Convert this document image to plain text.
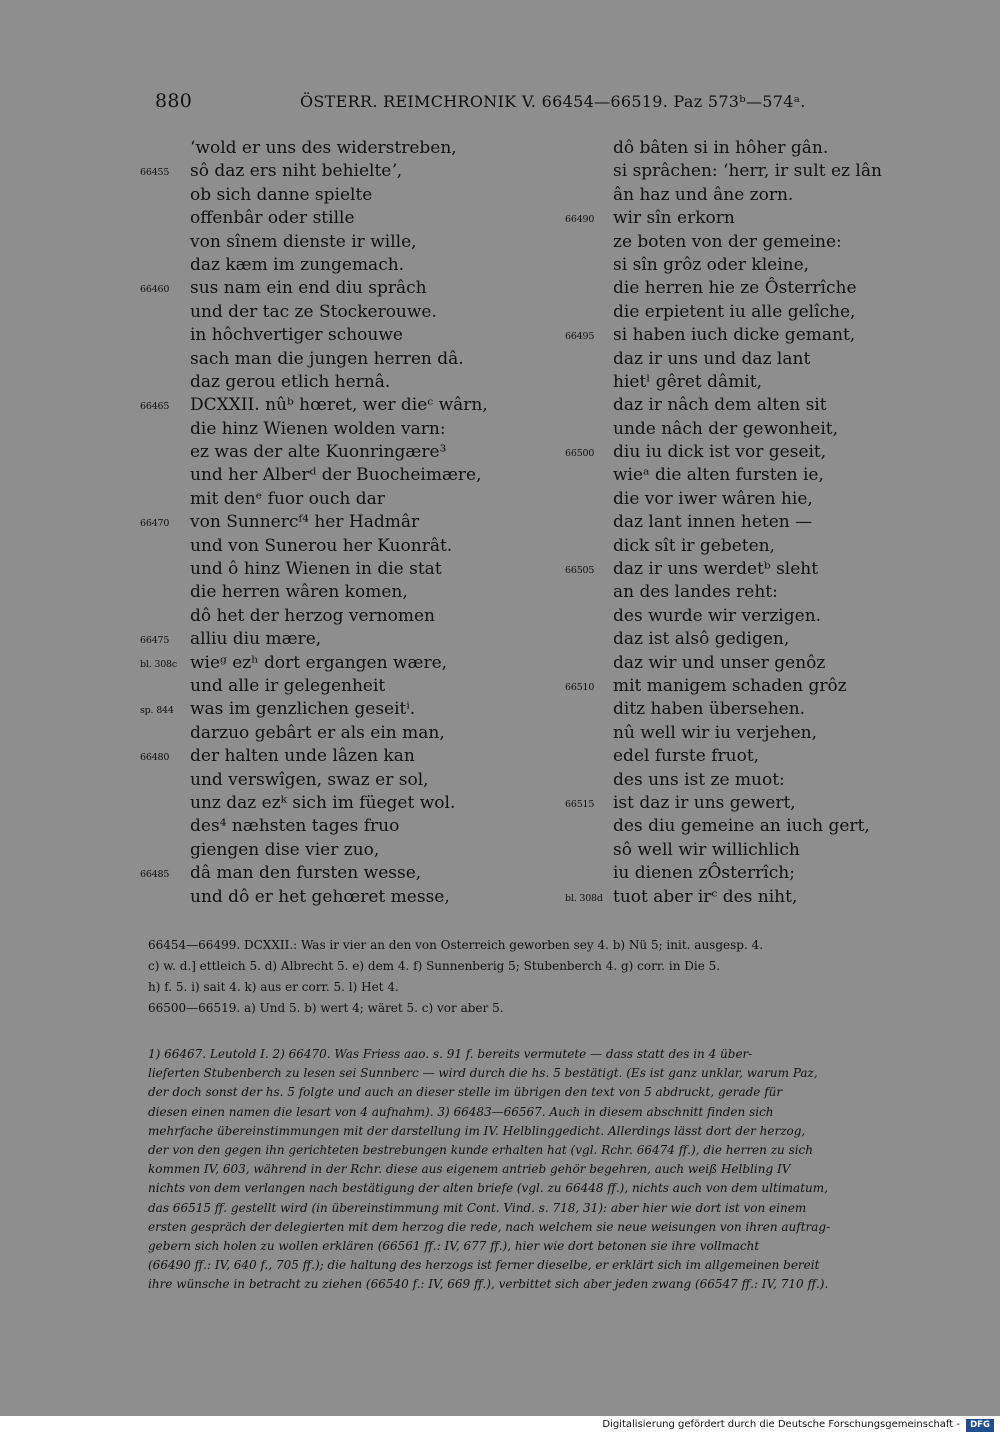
880	ÖSTERR. REIMCHRONIK V. 66454—66519. Paz 573ᵇ—574ᵃ.
ʻwold er uns des widerstreben,
66455 sô daz ers niht behielteʼ,
ob sich danne spielte
offenbâr oder stille
von sînem dienste ir wille,
daz kæm im zungemach.
66460 sus nam ein end diu sprâch
und der tac ze Stockerouwe.
in hôchvertiger schouwe
sach man die jungen herren dâ.
daz gerou etlich hernâ.
66465 DCXXII. nûᵇ hœret, wer dieᶜ wârn,
die hinz Wienen wolden varn:
ez was der alte Kuonringære³
und her Alberᵈ der Buocheimære,
mit denᵉ fuor ouch dar
66470 von Sunnercᶠ⁴ her Hadmâr
und von Sunerou her Kuonrât.
und ô hinz Wienen in die stat
die herren wâren komen,
dô het der herzog vernomen
66475 alliu diu mære,
bl. 308c wieᵍ ezʰ dort ergangen wære,
und alle ir gelegenheit
sp. 844 was im genzlichen geseitⁱ.
darzuo gebârt er als ein man,
66480 der halten unde lâzen kan
und verswîgen, swaz er sol,
unz daz ezᵏ sich im füeget wol.
des⁴ næhsten tages fruo
giengen dise vier zuo,
66485 dâ man den fursten wesse,
und dô er het gehœret messe,
dô bâten si in hôher gân.
si sprâchen: ʻherr, ir sult ez lân
ân haz und âne zorn.
66490 wir sîn erkorn
ze boten von der gemeine:
si sîn grôz oder kleine,
die herren hie ze Ôsterrîche
die erpietent iu alle gelîche,
66495 si haben iuch dicke gemant,
daz ir uns und daz lant
hietˡ gêret dâmit,
daz ir nâch dem alten sit
unde nâch der gewonheit,
66500 diu iu dick ist vor geseit,
wieᵃ die alten fursten ie,
die vor iwer wâren hie,
daz lant innen heten —
dick sît ir gebeten,
66505 daz ir uns werdetᵇ sleht
an des landes reht:
des wurde wir verzigen.
daz ist alsô gedigen,
daz wir und unser genôz
66510 mit manigem schaden grôz
ditz haben übersehen.
nû well wir iu verjehen,
edel furste fruot,
des uns ist ze muot:
66515 ist daz ir uns gewert,
des diu gemeine an iuch gert,
sô well wir willichlich
iu dienen zÔsterrîch;
bl. 308d tuot aber irᶜ des niht,
66454—66499. DCXXII.: Was ir vier an den von Osterreich geworben sey 4. b) Nü 5; init. ausgesp. 4.
c) w. d.] ettleich 5. d) Albrecht 5. e) dem 4. f) Sunnenberig 5; Stubenberch 4. g) corr. in Die 5.
h) f. 5. i) sait 4. k) aus er corr. 5. l) Het 4.
66500—66519. a) Und 5. b) wert 4; wäret 5. c) vor aber 5.
1) 66467. Leutold I. 2) 66470. Was Friess aao. s. 91 f. bereits vermutete — dass statt des in 4 über-
lieferten Stubenberch zu lesen sei Sunnberc — wird durch die hs. 5 bestätigt. (Es ist ganz unklar, warum Paz,
der doch sonst der hs. 5 folgte und auch an dieser stelle im übrigen den text von 5 abdruckt, gerade für
diesen einen namen die lesart von 4 aufnahm). 3) 66483—66567. Auch in diesem abschnitt finden sich
mehrfache übereinstimmungen mit der darstellung im IV. Helblinggedicht. Allerdings lässt dort der herzog,
der von den gegen ihn gerichteten bestrebungen kunde erhalten hat (vgl. Rchr. 66474 ff.), die herren zu sich
kommen IV, 603, während in der Rchr. diese aus eigenem antrieb gehör begehren, auch weiß Helbling IV
nichts von dem verlangen nach bestätigung der alten briefe (vgl. zu 66448 ff.), nichts auch von dem ultimatum,
das 66515 ff. gestellt wird (in übereinstimmung mit Cont. Vind. s. 718, 31): aber hier wie dort ist von einem
ersten gespräch der delegierten mit dem herzog die rede, nach welchem sie neue weisungen von ihren auftrag-
gebern sich holen zu wollen erklären (66561 ff.: IV, 677 ff.), hier wie dort betonen sie ihre vollmacht
(66490 ff.: IV, 640 f., 705 ff.); die haltung des herzogs ist ferner dieselbe, er erklärt sich im allgemeinen bereit
ihre wünsche in betracht zu ziehen (66540 f.: IV, 669 ff.), verbittet sich aber jeden zwang (66547 ff.: IV, 710 ff.).
Digitalisierung gefördert durch die Deutsche Forschungsgemeinschaft -	DFG
